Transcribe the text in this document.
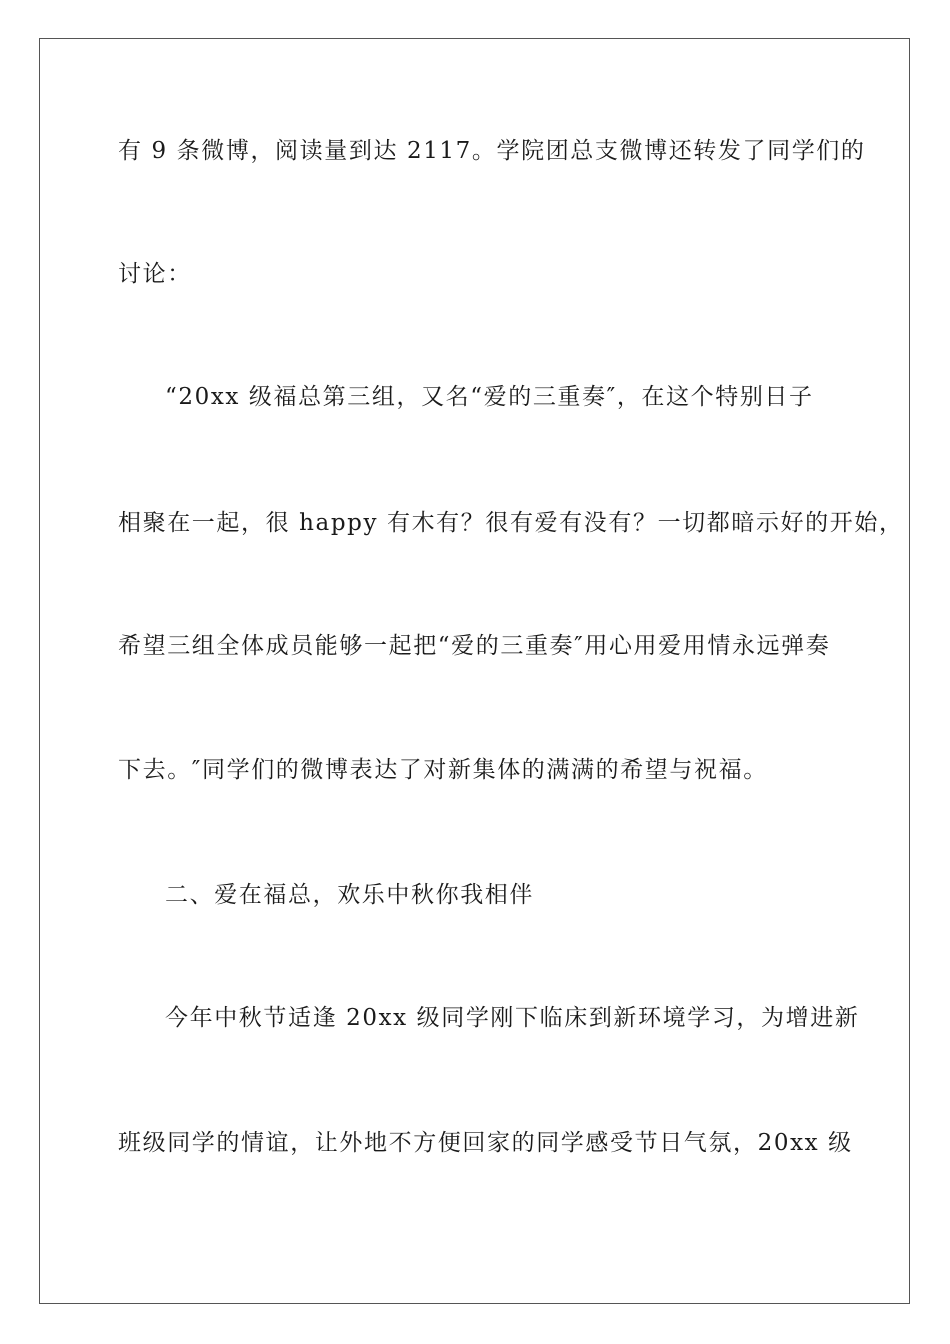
有 9 条微博，阅读量到达 2117。学院团总支微博还转发了同学们的
讨论：
“20xx 级福总第三组，又名“爱的三重奏″，在这个特别日子
相聚在一起，很 happy 有木有？很有爱有没有？一切都暗示好的开始，
希望三组全体成员能够一起把“爱的三重奏″用心用爱用情永远弹奏
下去。″同学们的微博表达了对新集体的满满的希望与祝福。
二、爱在福总，欢乐中秋你我相伴
今年中秋节适逢 20xx 级同学刚下临床到新环境学习，为增进新
班级同学的情谊，让外地不方便回家的同学感受节日气氛，20xx 级
